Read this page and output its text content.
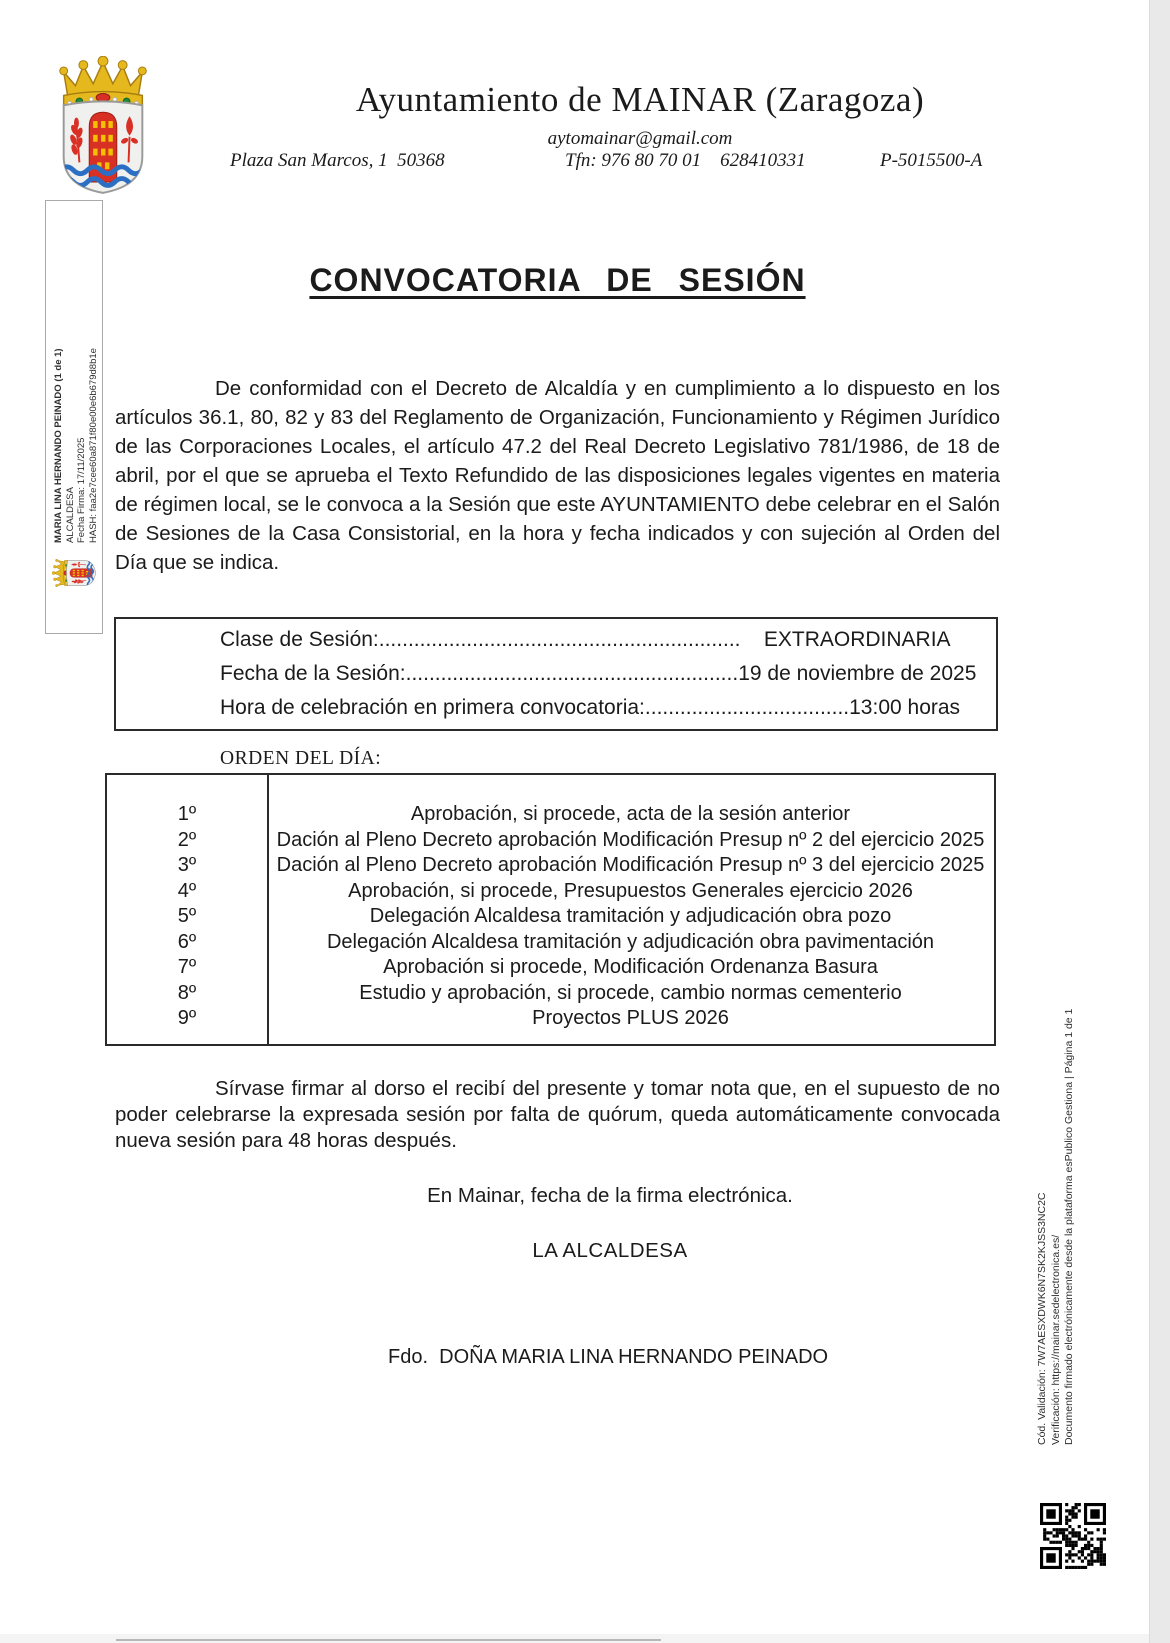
Ayuntamiento de MAINAR (Zaragoza)
aytomainar@gmail.com
Plaza San Marcos, 1  50368	Tfn: 976 80 70 01    628410331	P-5015500-A
MARIA LINA HERNANDO PEINADO (1 de 1) ALCALDESA Fecha Firma: 17/11/2025 HASH: faa2e7cee60a871f80e00e6b679d8b1e
CONVOCATORIA DE SESIÓN
De conformidad con el Decreto de Alcaldía y en cumplimiento a lo dispuesto en los artículos 36.1, 80, 82 y 83 del Reglamento de Organización, Funcionamiento y Régimen Jurídico de las Corporaciones Locales, el artículo 47.2 del Real Decreto Legislativo 781/1986, de 18 de abril, por el que se aprueba el Texto Refundido de las disposiciones legales vigentes en materia de régimen local, se le convoca a la Sesión que este AYUNTAMIENTO debe celebrar en el Salón de Sesiones de la Casa Consistorial, en la hora y fecha indicados y con sujeción al Orden del Día que se indica.
Clase de Sesión:..............................................................    EXTRAORDINARIA
Fecha de la Sesión:.........................................................19 de noviembre de 2025
Hora de celebración en primera convocatoria:...................................13:00 horas
ORDEN DEL DÍA:
1º	Aprobación, si procede, acta de la sesión anterior
2º	Dación al Pleno Decreto aprobación Modificación Presup nº 2 del ejercicio 2025
3º	Dación al Pleno Decreto aprobación Modificación Presup nº 3 del ejercicio 2025
4º	Aprobación, si procede, Presupuestos Generales ejercicio 2026
5º	Delegación Alcaldesa tramitación y adjudicación obra pozo
6º	Delegación Alcaldesa tramitación y adjudicación obra pavimentación
7º	Aprobación si procede, Modificación Ordenanza Basura
8º	Estudio y aprobación, si procede, cambio normas cementerio
9º	Proyectos PLUS 2026
Sírvase firmar al dorso el recibí del presente y tomar nota que, en el supuesto de no poder celebrarse la expresada sesión por falta de quórum, queda automáticamente convocada nueva sesión para 48 horas después.
En Mainar, fecha de la firma electrónica.
LA ALCALDESA
Fdo.  DOÑA MARIA LINA HERNANDO PEINADO	Cód. Validación: 7W7AESXDWK6N7SK2KJSS3NC2C Verificación: https://mainar.sedelectronica.es/ Documento firmado electrónicamente desde la plataforma esPublico Gestiona | Página 1 de 1
